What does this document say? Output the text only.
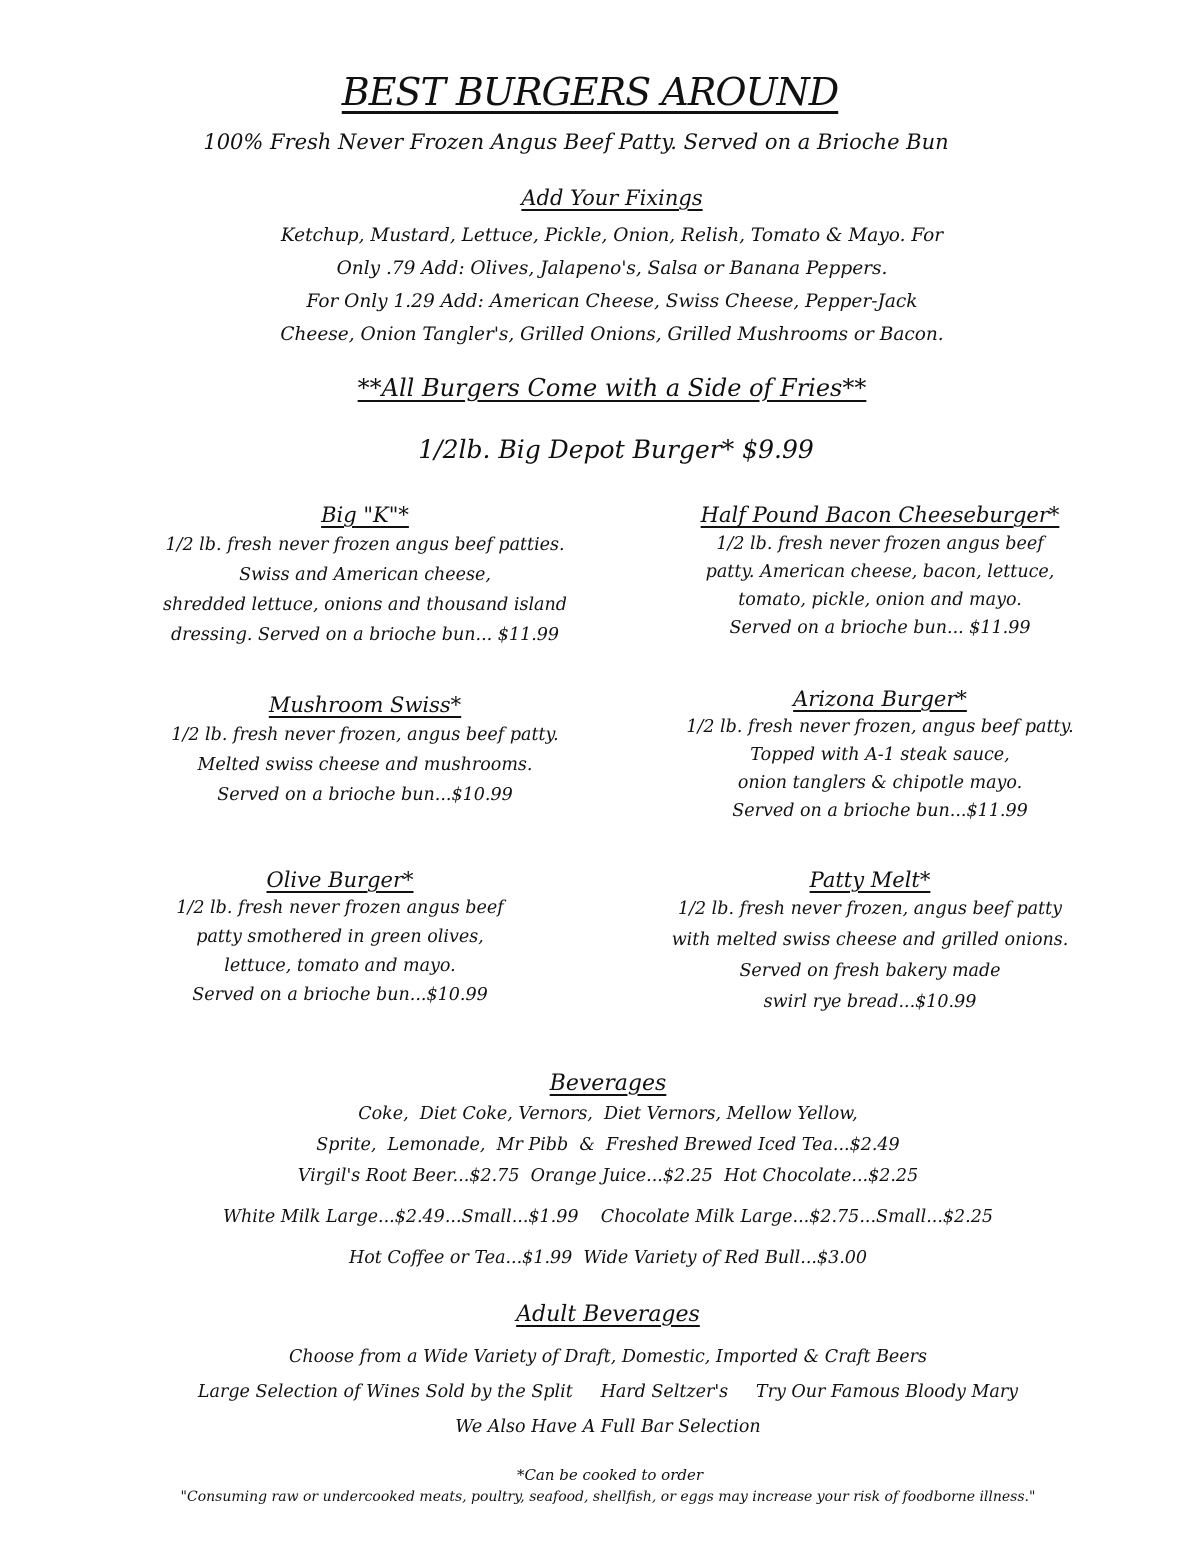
BEST BURGERS AROUND
100% Fresh Never Frozen Angus Beef Patty. Served on a Brioche Bun
Add Your Fixings
Ketchup, Mustard, Lettuce, Pickle, Onion, Relish, Tomato & Mayo. For
Only .79 Add: Olives, Jalapeno's, Salsa or Banana Peppers.
For Only 1.29 Add: American Cheese, Swiss Cheese, Pepper-Jack
Cheese, Onion Tangler's, Grilled Onions, Grilled Mushrooms or Bacon.
**All Burgers Come with a Side of Fries**
1/2lb. Big Depot Burger* $9.99
Big "K"*
1/2 lb. fresh never frozen angus beef patties.
Swiss and American cheese,
shredded lettuce, onions and thousand island
dressing. Served on a brioche bun... $11.99
Mushroom Swiss*
1/2 lb. fresh never frozen, angus beef patty.
Melted swiss cheese and mushrooms.
Served on a brioche bun...$10.99
Olive Burger*
1/2 lb. fresh never frozen angus beef
patty smothered in green olives,
lettuce, tomato and mayo.
Served on a brioche bun...$10.99
Half Pound Bacon Cheeseburger*
1/2 lb. fresh never frozen angus beef
patty. American cheese, bacon, lettuce,
tomato, pickle, onion and mayo.
Served on a brioche bun... $11.99
Arizona Burger*
1/2 lb. fresh never frozen, angus beef patty.
Topped with A-1 steak sauce,
onion tanglers & chipotle mayo.
Served on a brioche bun...$11.99
Patty Melt*
1/2 lb. fresh never frozen, angus beef patty
with melted swiss cheese and grilled onions.
Served on fresh bakery made
swirl rye bread...$10.99
Beverages
Coke,  Diet Coke, Vernors,  Diet Vernors, Mellow Yellow,
Sprite,  Lemonade,  Mr Pibb  &  Freshed Brewed Iced Tea...$2.49
Virgil's Root Beer...$2.75  Orange Juice...$2.25  Hot Chocolate...$2.25
White Milk Large...$2.49...Small...$1.99    Chocolate Milk Large...$2.75...Small...$2.25
Hot Coffee or Tea...$1.99  Wide Variety of Red Bull...$3.00
Adult Beverages
Choose from a Wide Variety of Draft, Domestic, Imported & Craft Beers
Large Selection of Wines Sold by the Split     Hard Seltzer's     Try Our Famous Bloody Mary
We Also Have A Full Bar Selection
*Can be cooked to order
"Consuming raw or undercooked meats, poultry, seafood, shellfish, or eggs may increase your risk of foodborne illness."
